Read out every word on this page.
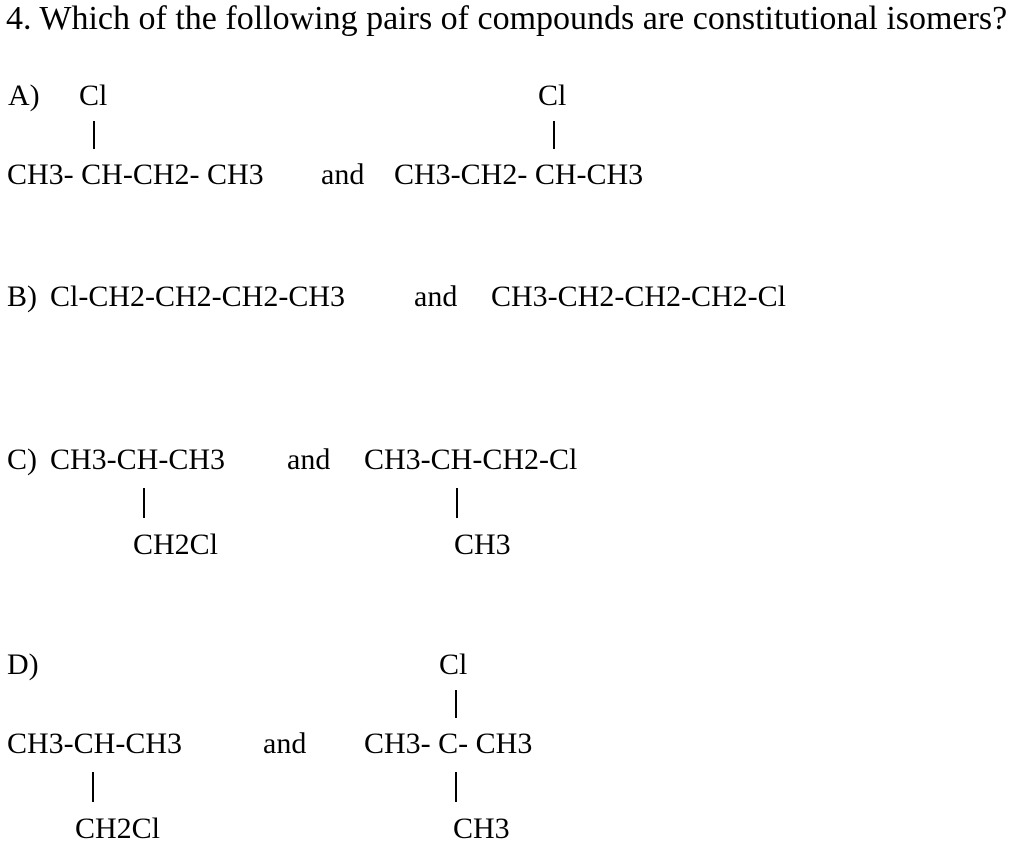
4. Which of the following pairs of compounds are constitutional isomers?
A) Cl
CH3- CH-CH2- CH3 and
Cl
CH3-CH2- CH-CH3
B) Cl-CH2-CH2-CH2-CH3 and CH3-CH2-CH2-CH2-Cl
C) CH3-CH-CH3
CH2Cl
and CH3-CH-CH2-Cl
CH3
D)
CH3-CH-CH3
CH2Cl
and
Cl
CH3- C- CH3
CH3
